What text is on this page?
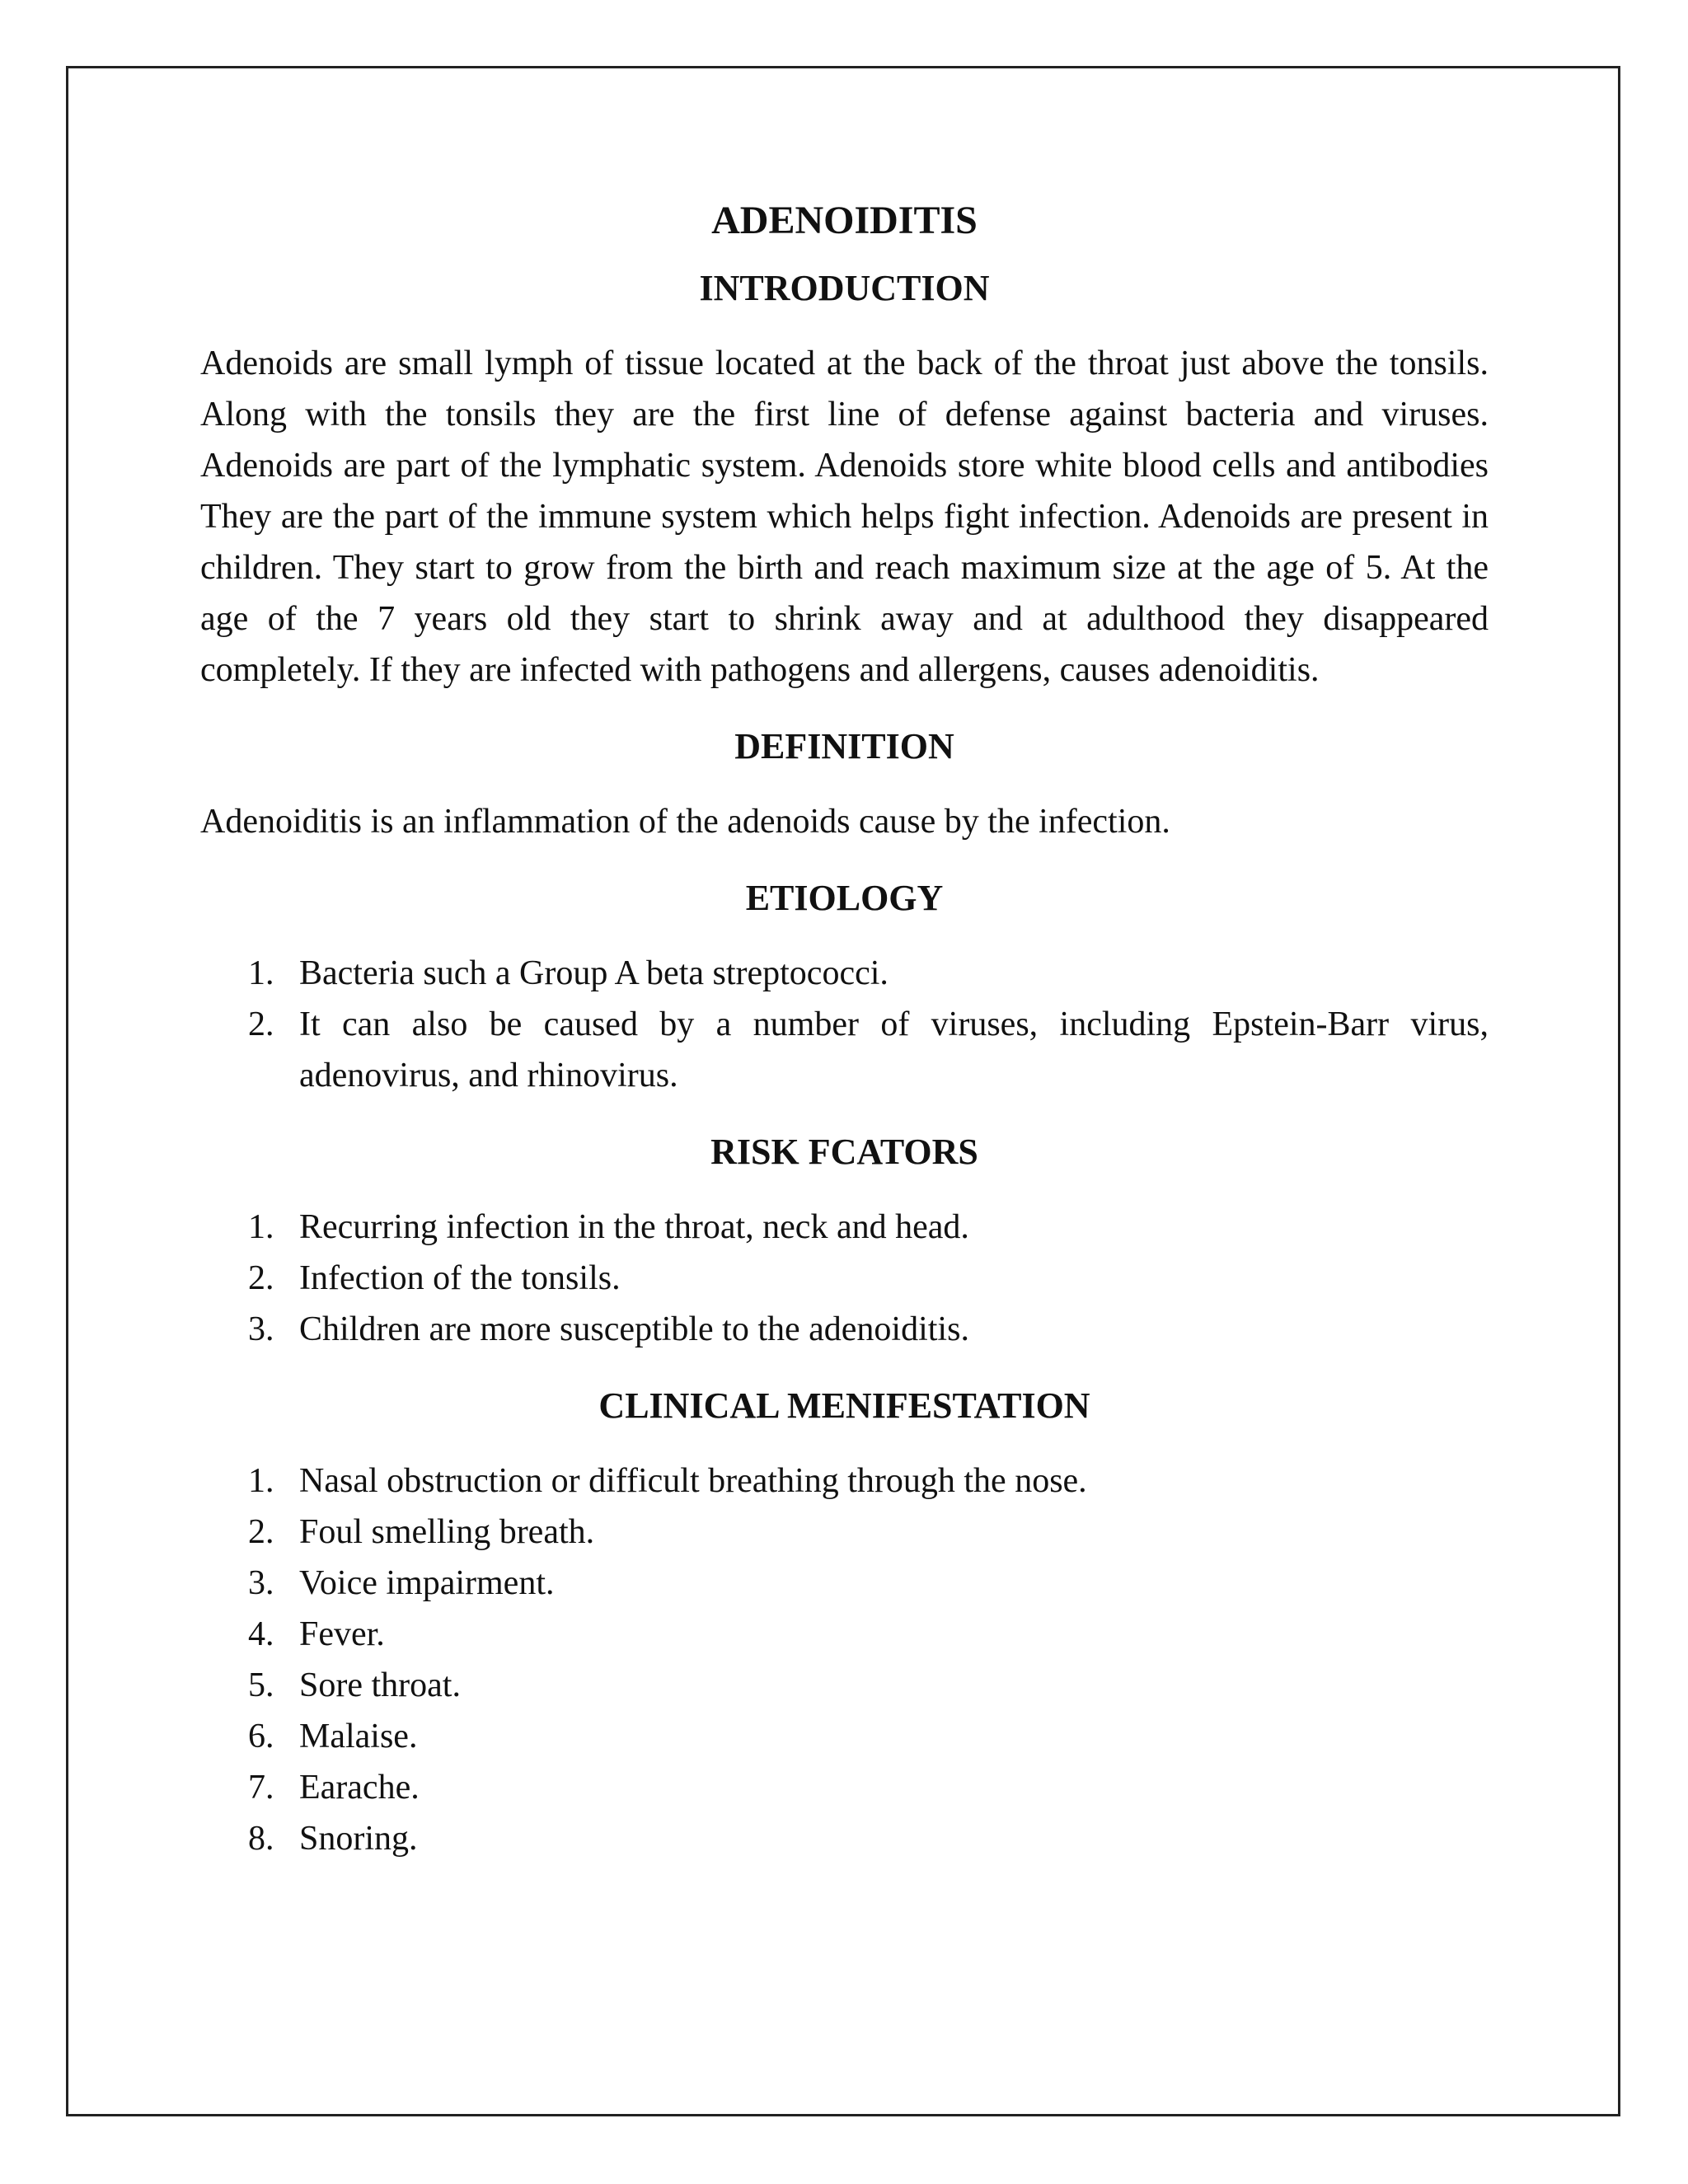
ADENOIDITIS
INTRODUCTION

Adenoids are small lymph of tissue located at the back of the throat just above the tonsils. Along with the tonsils they are the first line of defense against bacteria and viruses. Adenoids are part of the lymphatic system. Adenoids store white blood cells and antibodies They are the part of the immune system which helps fight infection. Adenoids are present in children. They start to grow from the birth and reach maximum size at the age of 5. At the age of the 7 years old they start to shrink away and at adulthood they disappeared completely. If they are infected with pathogens and allergens, causes adenoiditis.

DEFINITION

Adenoiditis is an inflammation of the adenoids cause by the infection.

ETIOLOGY
1. Bacteria such a Group A beta streptococci.
2. It can also be caused by a number of viruses, including Epstein-Barr virus, adenovirus, and rhinovirus.
RISK FCATORS
1. Recurring infection in the throat, neck and head.
2. Infection of the tonsils.
3. Children are more susceptible to the adenoiditis.
CLINICAL MENIFESTATION
1. Nasal obstruction or difficult breathing through the nose.
2. Foul smelling breath.
3. Voice impairment.
4. Fever.
5. Sore throat.
6. Malaise.
7. Earache.
8. Snoring.
